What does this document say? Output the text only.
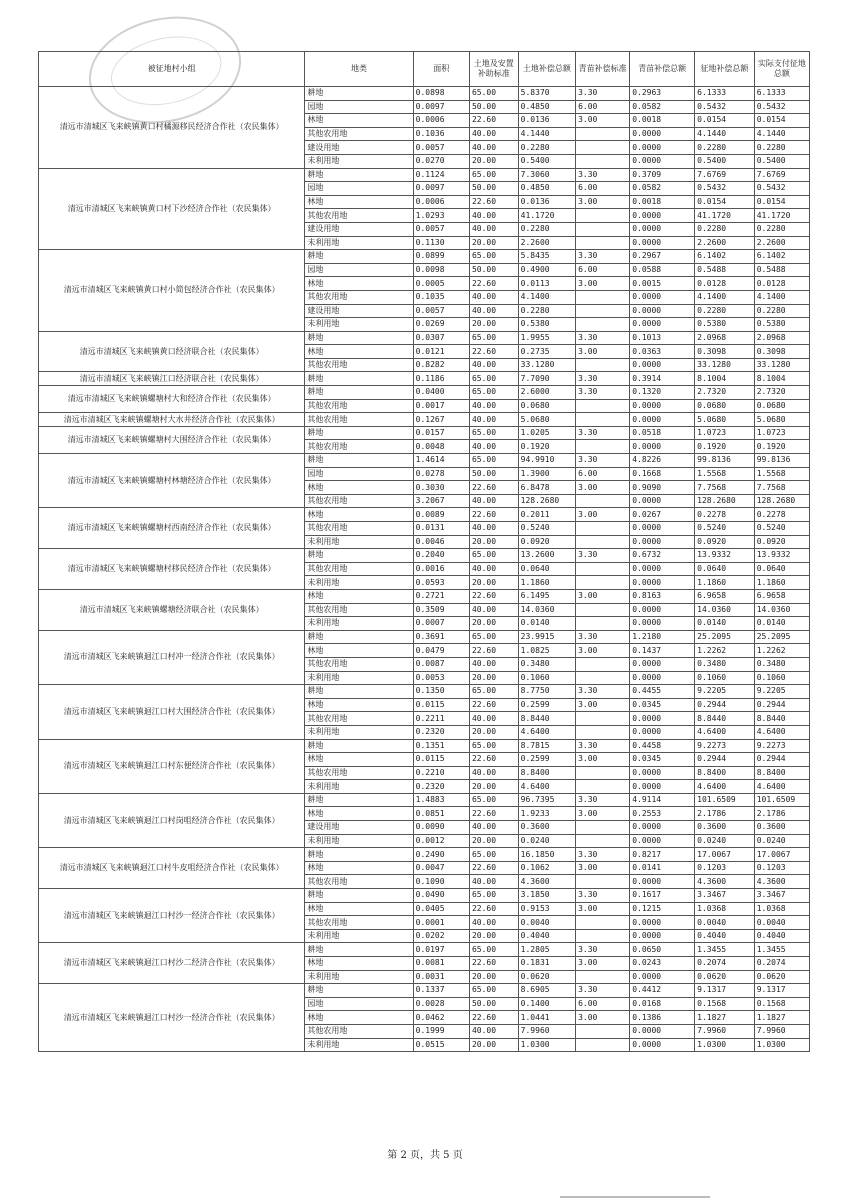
被征地村小组	地类	面积	土地及安置补助标准	土地补偿总额	青苗补偿标准	青苗补偿总额	征地补偿总额	实际支付征地总额
清远市清城区飞来峡镇黄口村橘源移民经济合作社（农民集体）	耕地	0.0898	65.00	5.8370	3.30	0.2963	6.1333	6.1333
	园地	0.0097	50.00	0.4850	6.00	0.0582	0.5432	0.5432
	林地	0.0006	22.60	0.0136	3.00	0.0018	0.0154	0.0154
	其他农用地	0.1036	40.00	4.1440		0.0000	4.1440	4.1440
	建设用地	0.0057	40.00	0.2280		0.0000	0.2280	0.2280
	未利用地	0.0270	20.00	0.5400		0.0000	0.5400	0.5400
清远市清城区飞来峡镇黄口村下沙经济合作社（农民集体）	耕地	0.1124	65.00	7.3060	3.30	0.3709	7.6769	7.6769
	园地	0.0097	50.00	0.4850	6.00	0.0582	0.5432	0.5432
	林地	0.0006	22.60	0.0136	3.00	0.0018	0.0154	0.0154
	其他农用地	1.0293	40.00	41.1720		0.0000	41.1720	41.1720
	建设用地	0.0057	40.00	0.2280		0.0000	0.2280	0.2280
	未利用地	0.1130	20.00	2.2600		0.0000	2.2600	2.2600
清远市清城区飞来峡镇黄口村小简包经济合作社（农民集体）	耕地	0.0899	65.00	5.8435	3.30	0.2967	6.1402	6.1402
	园地	0.0098	50.00	0.4900	6.00	0.0588	0.5488	0.5488
	林地	0.0005	22.60	0.0113	3.00	0.0015	0.0128	0.0128
	其他农用地	0.1035	40.00	4.1400		0.0000	4.1400	4.1400
	建设用地	0.0057	40.00	0.2280		0.0000	0.2280	0.2280
	未利用地	0.0269	20.00	0.5380		0.0000	0.5380	0.5380
清远市清城区飞来峡镇黄口经济联合社（农民集体）	耕地	0.0307	65.00	1.9955	3.30	0.1013	2.0968	2.0968
	林地	0.0121	22.60	0.2735	3.00	0.0363	0.3098	0.3098
	其他农用地	0.8282	40.00	33.1280		0.0000	33.1280	33.1280
清远市清城区飞来峡镇江口经济联合社（农民集体）	耕地	0.1186	65.00	7.7090	3.30	0.3914	8.1004	8.1004
清远市清城区飞来峡镇螺塘村大和经济合作社（农民集体）	耕地	0.0400	65.00	2.6000	3.30	0.1320	2.7320	2.7320
	其他农用地	0.0017	40.00	0.0680		0.0000	0.0680	0.0680
清远市清城区飞来峡镇螺塘村大水井经济合作社（农民集体）	其他农用地	0.1267	40.00	5.0680		0.0000	5.0680	5.0680
清远市清城区飞来峡镇螺塘村大围经济合作社（农民集体）	耕地	0.0157	65.00	1.0205	3.30	0.0518	1.0723	1.0723
	其他农用地	0.0048	40.00	0.1920		0.0000	0.1920	0.1920
清远市清城区飞来峡镇螺塘村林塘经济合作社（农民集体）	耕地	1.4614	65.00	94.9910	3.30	4.8226	99.8136	99.8136
	园地	0.0278	50.00	1.3900	6.00	0.1668	1.5568	1.5568
	林地	0.3030	22.60	6.8478	3.00	0.9090	7.7568	7.7568
	其他农用地	3.2067	40.00	128.2680		0.0000	128.2680	128.2680
清远市清城区飞来峡镇螺塘村西南经济合作社（农民集体）	林地	0.0089	22.60	0.2011	3.00	0.0267	0.2278	0.2278
	其他农用地	0.0131	40.00	0.5240		0.0000	0.5240	0.5240
	未利用地	0.0046	20.00	0.0920		0.0000	0.0920	0.0920
清远市清城区飞来峡镇螺塘村移民经济合作社（农民集体）	耕地	0.2040	65.00	13.2600	3.30	0.6732	13.9332	13.9332
	其他农用地	0.0016	40.00	0.0640		0.0000	0.0640	0.0640
	未利用地	0.0593	20.00	1.1860		0.0000	1.1860	1.1860
清远市清城区飞来峡镇螺塘经济联合社（农民集体）	林地	0.2721	22.60	6.1495	3.00	0.8163	6.9658	6.9658
	其他农用地	0.3509	40.00	14.0360		0.0000	14.0360	14.0360
	未利用地	0.0007	20.00	0.0140		0.0000	0.0140	0.0140
清远市清城区飞来峡镇迴江口村冲一经济合作社（农民集体）	耕地	0.3691	65.00	23.9915	3.30	1.2180	25.2095	25.2095
	林地	0.0479	22.60	1.0825	3.00	0.1437	1.2262	1.2262
	其他农用地	0.0087	40.00	0.3480		0.0000	0.3480	0.3480
	未利用地	0.0053	20.00	0.1060		0.0000	0.1060	0.1060
清远市清城区飞来峡镇迴江口村大围经济合作社（农民集体）	耕地	0.1350	65.00	8.7750	3.30	0.4455	9.2205	9.2205
	林地	0.0115	22.60	0.2599	3.00	0.0345	0.2944	0.2944
	其他农用地	0.2211	40.00	8.8440		0.0000	8.8440	8.8440
	未利用地	0.2320	20.00	4.6400		0.0000	4.6400	4.6400
清远市清城区飞来峡镇迴江口村东便经济合作社（农民集体）	耕地	0.1351	65.00	8.7815	3.30	0.4458	9.2273	9.2273
	林地	0.0115	22.60	0.2599	3.00	0.0345	0.2944	0.2944
	其他农用地	0.2210	40.00	8.8400		0.0000	8.8400	8.8400
	未利用地	0.2320	20.00	4.6400		0.0000	4.6400	4.6400
清远市清城区飞来峡镇迴江口村岗咀经济合作社（农民集体）	耕地	1.4883	65.00	96.7395	3.30	4.9114	101.6509	101.6509
	林地	0.0851	22.60	1.9233	3.00	0.2553	2.1786	2.1786
	建设用地	0.0090	40.00	0.3600		0.0000	0.3600	0.3600
	未利用地	0.0012	20.00	0.0240		0.0000	0.0240	0.0240
清远市清城区飞来峡镇迴江口村牛皮咀经济合作社（农民集体）	耕地	0.2490	65.00	16.1850	3.30	0.8217	17.0067	17.0067
	林地	0.0047	22.60	0.1062	3.00	0.0141	0.1203	0.1203
	其他农用地	0.1090	40.00	4.3600		0.0000	4.3600	4.3600
清远市清城区飞来峡镇迴江口村沙一经济合作社（农民集体）	耕地	0.0490	65.00	3.1850	3.30	0.1617	3.3467	3.3467
	林地	0.0405	22.60	0.9153	3.00	0.1215	1.0368	1.0368
	其他农用地	0.0001	40.00	0.0040		0.0000	0.0040	0.0040
	未利用地	0.0202	20.00	0.4040		0.0000	0.4040	0.4040
清远市清城区飞来峡镇迴江口村沙二经济合作社（农民集体）	耕地	0.0197	65.00	1.2805	3.30	0.0650	1.3455	1.3455
	林地	0.0081	22.60	0.1831	3.00	0.0243	0.2074	0.2074
	未利用地	0.0031	20.00	0.0620		0.0000	0.0620	0.0620
清远市清城区飞来峡镇迴江口村沙一经济合作社（农民集体）	耕地	0.1337	65.00	8.6905	3.30	0.4412	9.1317	9.1317
	园地	0.0028	50.00	0.1400	6.00	0.0168	0.1568	0.1568
	林地	0.0462	22.60	1.0441	3.00	0.1386	1.1827	1.1827
	其他农用地	0.1999	40.00	7.9960		0.0000	7.9960	7.9960
	未利用地	0.0515	20.00	1.0300		0.0000	1.0300	1.0300
第 2 页，共 5 页
